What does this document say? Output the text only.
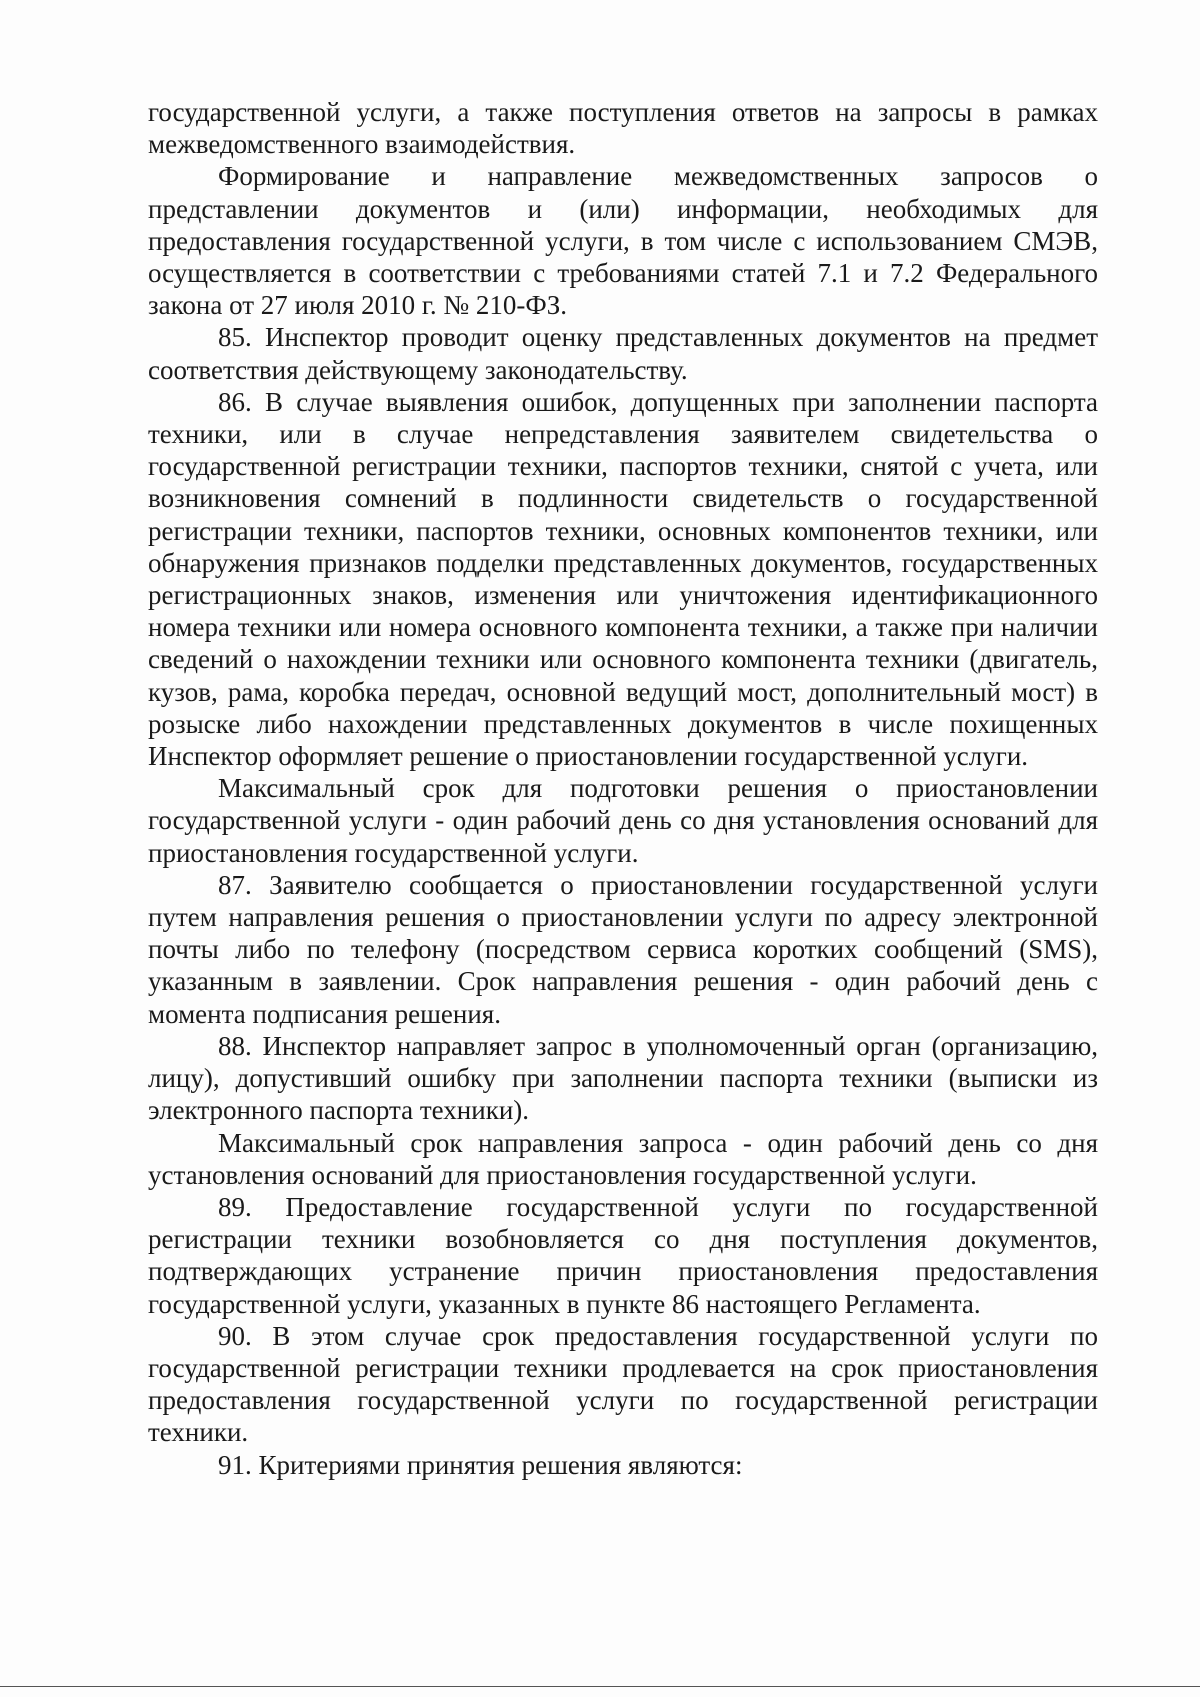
государственной услуги, а также поступления ответов на запросы в рамках межведомственного взаимодействия.

Формирование и направление межведомственных запросов о представлении документов и (или) информации, необходимых для предоставления государственной услуги, в том числе с использованием СМЭВ, осуществляется в соответствии с требованиями статей 7.1 и 7.2 Федерального закона от 27 июля 2010 г. № 210-ФЗ.

85. Инспектор проводит оценку представленных документов на предмет соответствия действующему законодательству.

86. В случае выявления ошибок, допущенных при заполнении паспорта техники, или в случае непредставления заявителем свидетельства о государственной регистрации техники, паспортов техники, снятой с учета, или возникновения сомнений в подлинности свидетельств о государственной регистрации техники, паспортов техники, основных компонентов техники, или обнаружения признаков подделки представленных документов, государственных регистрационных знаков, изменения или уничтожения идентификационного номера техники или номера основного компонента техники, а также при наличии сведений о нахождении техники или основного компонента техники (двигатель, кузов, рама, коробка передач, основной ведущий мост, дополнительный мост) в розыске либо нахождении представленных документов в числе похищенных Инспектор оформляет решение о приостановлении государственной услуги.

Максимальный срок для подготовки решения о приостановлении государственной услуги - один рабочий день со дня установления оснований для приостановления государственной услуги.

87. Заявителю сообщается о приостановлении государственной услуги путем направления решения о приостановлении услуги по адресу электронной почты либо по телефону (посредством сервиса коротких сообщений (SMS), указанным в заявлении. Срок направления решения - один рабочий день с момента подписания решения.

88. Инспектор направляет запрос в уполномоченный орган (организацию, лицу), допустивший ошибку при заполнении паспорта техники (выписки из электронного паспорта техники).

Максимальный срок направления запроса - один рабочий день со дня установления оснований для приостановления государственной услуги.

89. Предоставление государственной услуги по государственной регистрации техники возобновляется со дня поступления документов, подтверждающих устранение причин приостановления предоставления государственной услуги, указанных в пункте 86 настоящего Регламента.

90. В этом случае срок предоставления государственной услуги по государственной регистрации техники продлевается на срок приостановления предоставления государственной услуги по государственной регистрации техники.

91. Критериями принятия решения являются:
